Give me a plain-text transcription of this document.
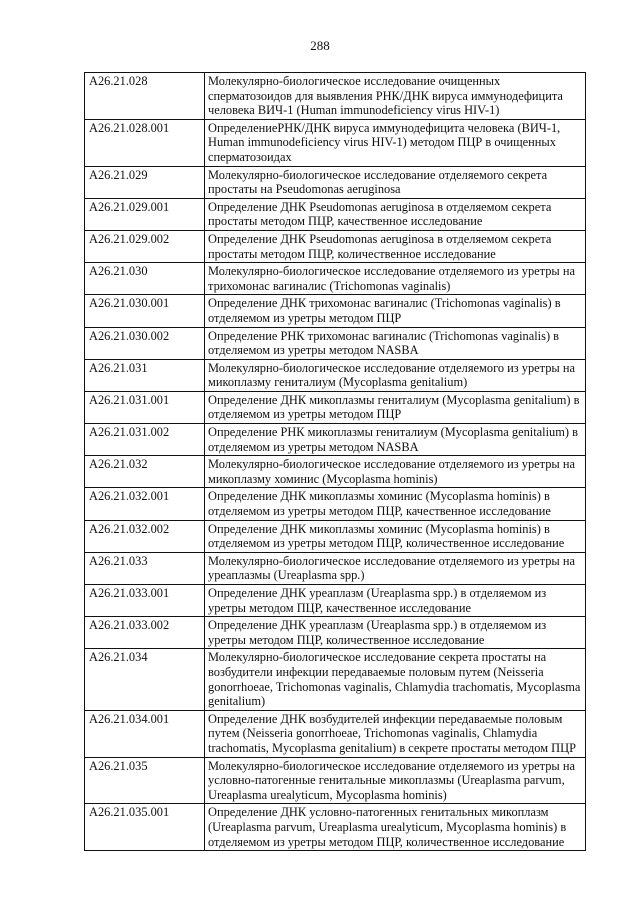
288
A26.21.028	Молекулярно-биологическое исследование очищенных сперматозоидов для выявления РНК/ДНК вируса иммунодефицита человека ВИЧ-1 (Human immunodeficiency virus HIV-1)
A26.21.028.001	ОпределениеРНК/ДНК вируса иммунодефицита человека (ВИЧ-1, Human immunodeficiency virus HIV-1) методом ПЦР в очищенных сперматозоидах
A26.21.029	Молекулярно-биологическое исследование отделяемого секрета простаты на Pseudomonas aeruginosa
A26.21.029.001	Определение ДНК Pseudomonas aeruginosa в отделяемом секрета простаты методом ПЦР, качественное исследование
A26.21.029.002	Определение ДНК Pseudomonas aeruginosa в отделяемом секрета простаты методом ПЦР, количественное исследование
A26.21.030	Молекулярно-биологическое исследование отделяемого из уретры на трихомонас вагиналис (Trichomonas vaginalis)
A26.21.030.001	Определение ДНК трихомонас вагиналис (Trichomonas vaginalis) в отделяемом из уретры методом ПЦР
A26.21.030.002	Определение РНК трихомонас вагиналис (Trichomonas vaginalis) в отделяемом из уретры методом NASBA
A26.21.031	Молекулярно-биологическое исследование отделяемого из уретры на микоплазму гениталиум (Mycoplasma genitalium)
A26.21.031.001	Определение ДНК микоплазмы гениталиум (Mycoplasma genitalium) в отделяемом из уретры методом ПЦР
A26.21.031.002	Определение РНК микоплазмы гениталиум (Mycoplasma genitalium) в отделяемом из уретры методом NASBA
A26.21.032	Молекулярно-биологическое исследование отделяемого из уретры на микоплазму хоминис (Mycoplasma hominis)
A26.21.032.001	Определение ДНК микоплазмы хоминис (Mycoplasma hominis) в отделяемом из уретры методом ПЦР, качественное исследование
A26.21.032.002	Определение ДНК микоплазмы хоминис (Mycoplasma hominis) в отделяемом из уретры методом ПЦР, количественное исследование
A26.21.033	Молекулярно-биологическое исследование отделяемого из уретры на уреаплазмы (Ureaplasma spp.)
A26.21.033.001	Определение ДНК уреаплазм (Ureaplasma spp.) в отделяемом из уретры методом ПЦР, качественное исследование
A26.21.033.002	Определение ДНК уреаплазм (Ureaplasma spp.) в отделяемом из уретры методом ПЦР, количественное исследование
A26.21.034	Молекулярно-биологическое исследование секрета простаты на возбудители инфекции передаваемые половым путем (Neisseria gonorrhoeae, Trichomonas vaginalis, Chlamydia trachomatis, Mycoplasma genitalium)
A26.21.034.001	Определение ДНК возбудителей инфекции передаваемые половым путем (Neisseria gonorrhoeae, Trichomonas vaginalis, Chlamydia trachomatis, Mycoplasma genitalium) в секрете простаты методом ПЦР
A26.21.035	Молекулярно-биологическое исследование отделяемого из уретры на условно-патогенные генитальные микоплазмы (Ureaplasma parvum, Ureaplasma urealyticum, Mycoplasma hominis)
A26.21.035.001	Определение ДНК условно-патогенных генитальных микоплазм (Ureaplasma parvum, Ureaplasma urealyticum, Mycoplasma hominis) в отделяемом из уретры методом ПЦР, количественное исследование
